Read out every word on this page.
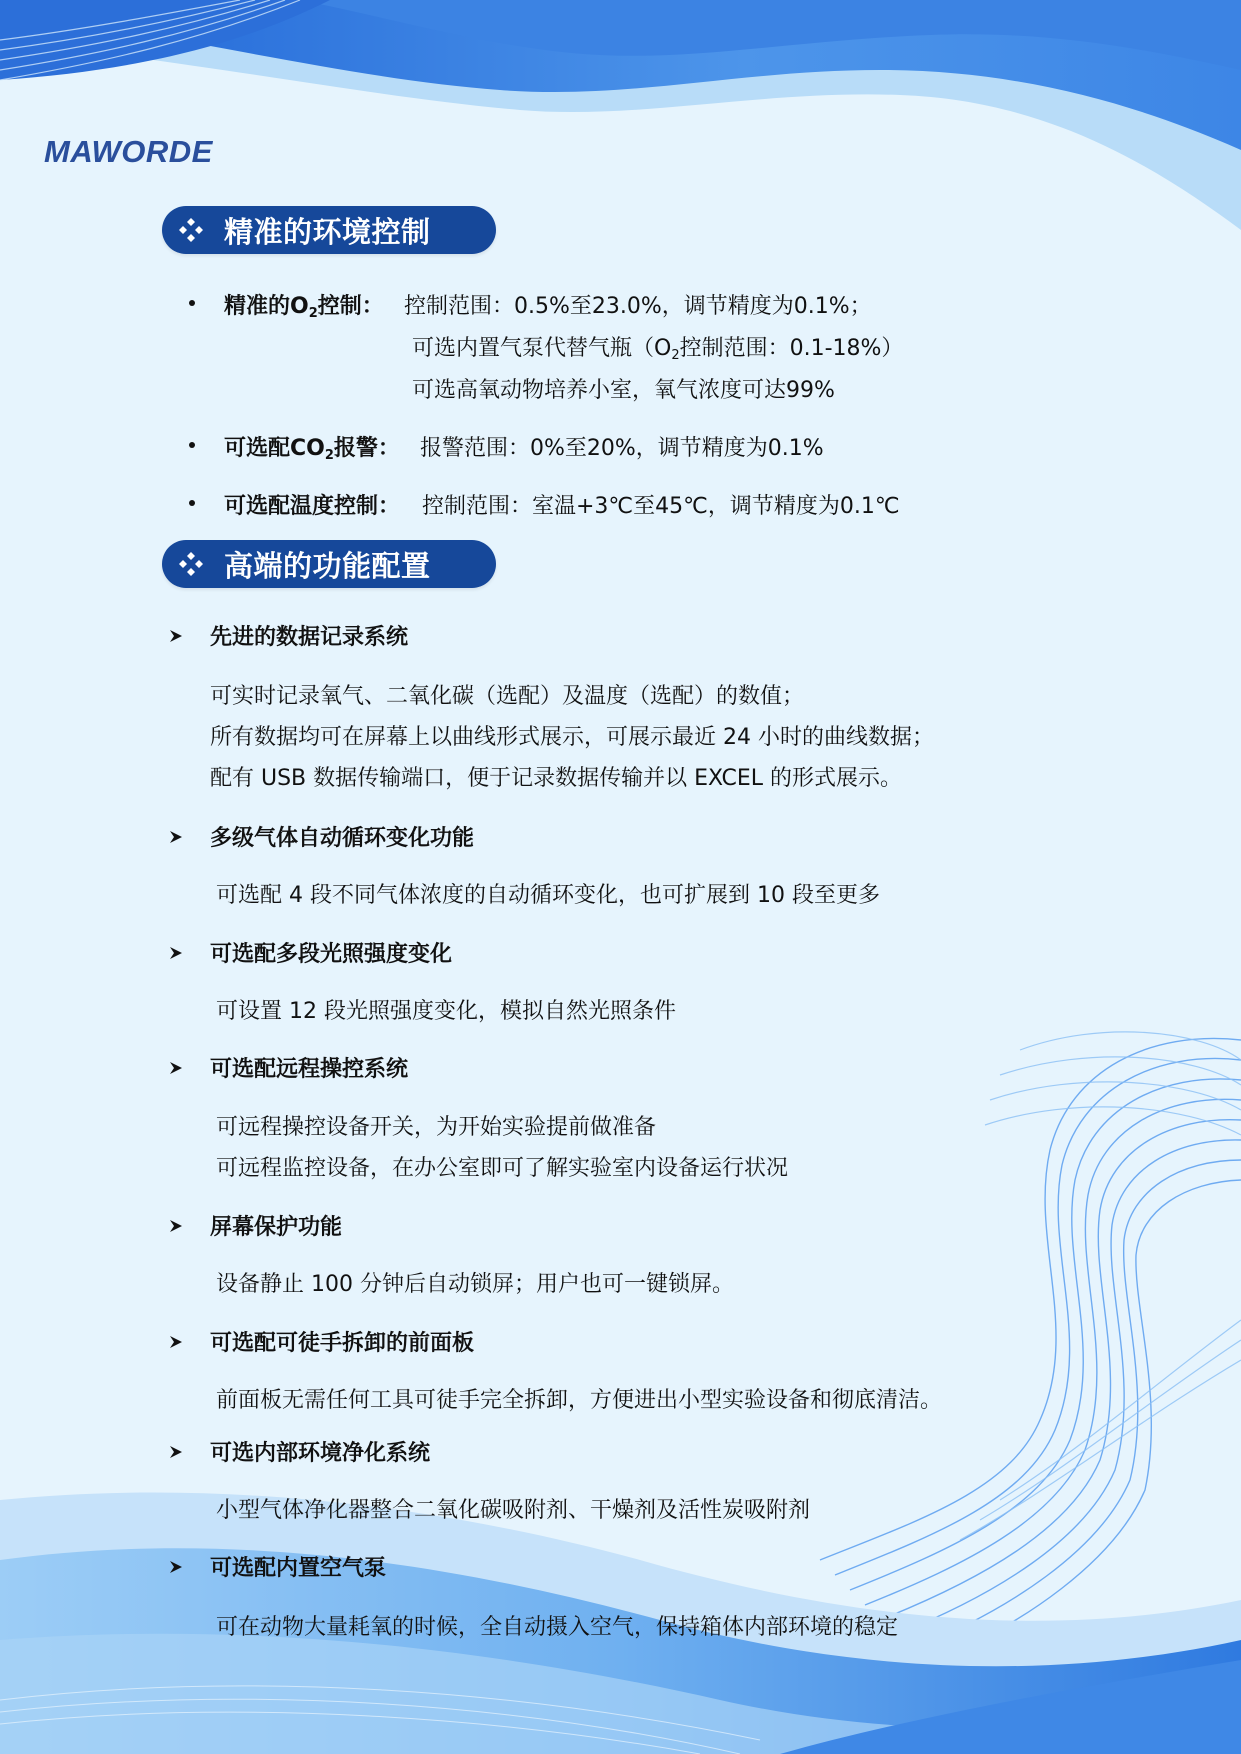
MAWORDE
精准的环境控制
精准的$O_2$控制： 控制范围：0.5%至23.0%，调节精度为0.1%；
可选内置气泵代替气瓶（$O_2$控制范围：0.1-18%）
可选高氧动物培养小室，氧气浓度可达99%
可选配$CO_2$报警： 报警范围：0%至20%，调节精度为0.1%
可选配温度控制： 控制范围：室温+3℃至45℃，调节精度为0.1℃
高端的功能配置
先进的数据记录系统
可实时记录氧气、二氧化碳（选配）及温度（选配）的数值；
所有数据均可在屏幕上以曲线形式展示，可展示最近 24 小时的曲线数据；
配有 USB 数据传输端口，便于记录数据传输并以 EXCEL 的形式展示。
多级气体自动循环变化功能
可选配 4 段不同气体浓度的自动循环变化，也可扩展到 10 段至更多
可选配多段光照强度变化
可设置 12 段光照强度变化，模拟自然光照条件
可选配远程操控系统
可远程操控设备开关，为开始实验提前做准备
可远程监控设备，在办公室即可了解实验室内设备运行状况
屏幕保护功能
设备静止 100 分钟后自动锁屏；用户也可一键锁屏。
可选配可徒手拆卸的前面板
前面板无需任何工具可徒手完全拆卸，方便进出小型实验设备和彻底清洁。
可选内部环境净化系统
小型气体净化器整合二氧化碳吸附剂、干燥剂及活性炭吸附剂
可选配内置空气泵
可在动物大量耗氧的时候，全自动摄入空气，保持箱体内部环境的稳定
